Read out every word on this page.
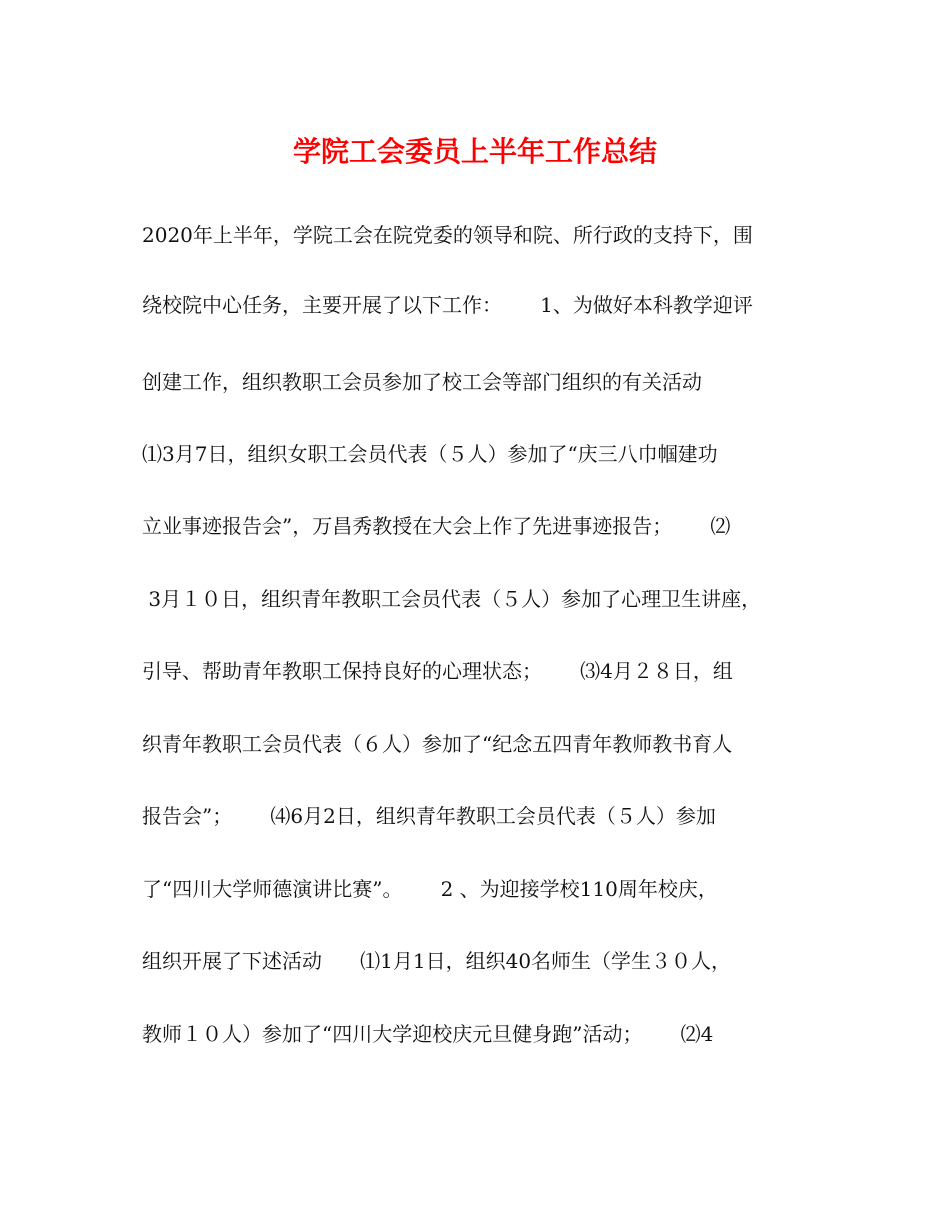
学院工会委员上半年工作总结

2020年上半年，学院工会在院党委的领导和院、所行政的支持下，围

绕校院中心任务，主要开展了以下工作：      1、为做好本科教学迎评

创建工作，组织教职工会员参加了校工会等部门组织的有关活动

⑴3月7日，组织女职工会员代表（５人）参加了“庆三八巾帼建功

立业事迹报告会”，万昌秀教授在大会上作了先进事迹报告；      ⑵

3月１０日，组织青年教职工会员代表（５人）参加了心理卫生讲座，

引导、帮助青年教职工保持良好的心理状态；      ⑶4月２８日，组

织青年教职工会员代表（６人）参加了“纪念五四青年教师教书育人

报告会”；      ⑷6月2日，组织青年教职工会员代表（５人）参加

了“四川大学师德演讲比赛”。      2 、为迎接学校110周年校庆，

组织开展了下述活动      ⑴1月1日，组织40名师生（学生３０人，

教师１０人）参加了“四川大学迎校庆元旦健身跑”活动；      ⑵4
